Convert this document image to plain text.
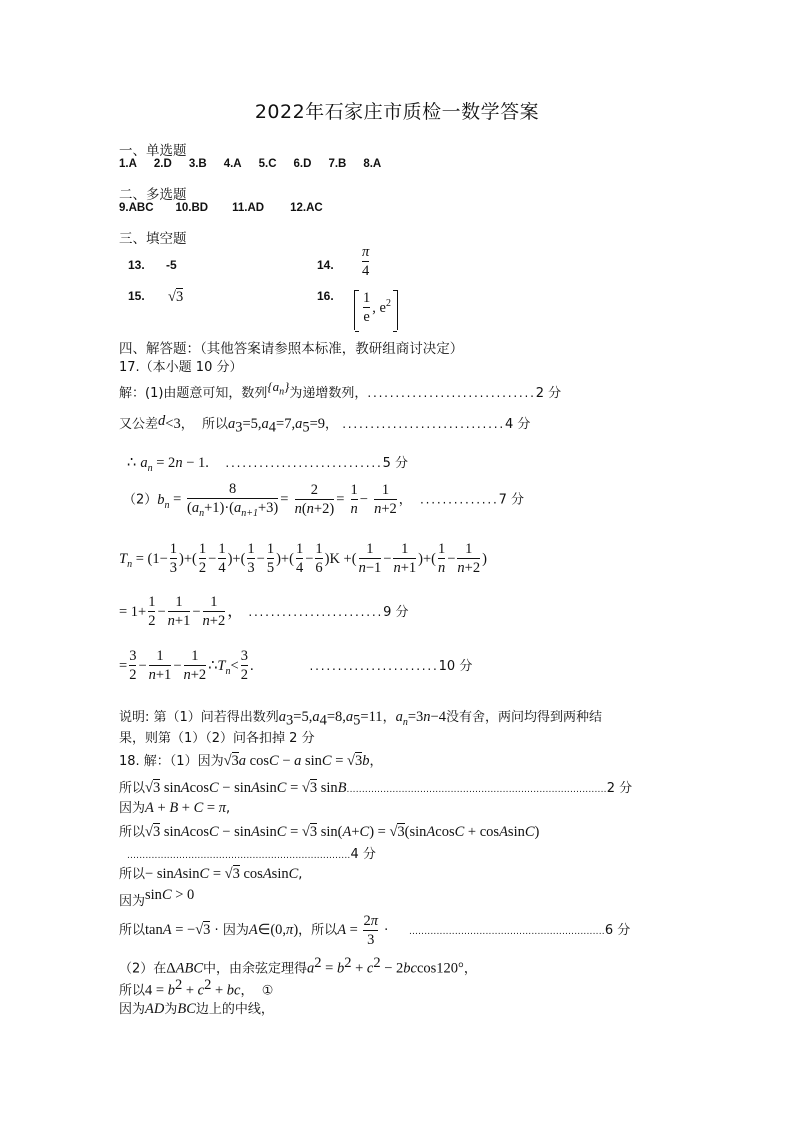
2022年石家庄市质检一数学答案
一、单选题
1.A 2.D 3.B 4.A 5.C 6.D 7.B 8.A
二、多选题
9.ABC 10.BD 11.AD 12.AC
三、填空题
13. -5	14. $\frac{\pi}{4}$
15. √3	16. $\frac{1}{e}$ , $e^2$
四、解答题：（其他答案请参照本标准，教研组商讨决定）
17.（本小题 10 分）
解：(1)由题意可知，数列$\{a_n\}$为递增数列，..............................2 分
又公差d<3，  所以$a_3=5,a_4=7,a_5=9$， .............................4 分
∴ $a_n = 2n - 1$. ............................5 分
$(2)b_n = \frac{8}{(a_n+1)\cdot(a_{n+1}+3)} = \frac{2}{n(n+2)} = \frac{1}{n} - \frac{1}{n+2}$ ，  ..............7 分
$T_n = (1- \frac{1}{3}$ )+( $\frac{1}{2} - \frac{1}{4}$ )+( $\frac{1}{3} - \frac{1}{5}$ )+( $\frac{1}{4} - \frac{1}{6} )K$ +( $\frac{1}{n-1} - \frac{1}{n+1}$ )+( $\frac{1}{n} - \frac{1}{n+2}$ )
= $1+ \frac{1}{2} - \frac{1}{n+1} - \frac{1}{n+2}$ ， ........................9 分
= $\frac{3}{2} - \frac{1}{n+1} - \frac{1}{n+2}$ $\therefore T_n< \frac{3}{2}$ .	.......................10 分
说明: 第（1）问若得出数列$a_3=5,a_4=8,a_5=11$，$a_n=3n-4$没有舍，两问均得到两种结
果，则第（1）（2）问各扣掉 2 分
18. 解：（1）因为√3a cosC − a sinC = √3b，
所以√3 sinAcosC − sinAsinC = √3 sinB.....................................................................................2 分
因为A + B + C = π,
所以√3 sinAcosC − sinAsinC = √3 sin(A+C) = √3(sinAcosC + cosAsinC)
.........................................................................4 分
所以− sinAsinC = √3 cosAsinC,
因为sinC > 0
所以tanA = −√3 · 因为A∈(0,π)，所以$A = \frac{2\pi}{3}$ ·     ................................................................6 分
（2）在ΔABC中，由余弦定理得$a^2 = b^2 + c^2 - 2bccos120^\circ$，
所以$4 = b^2 + c^2$ + bc，  ①
因为AD为BC边上的中线，
